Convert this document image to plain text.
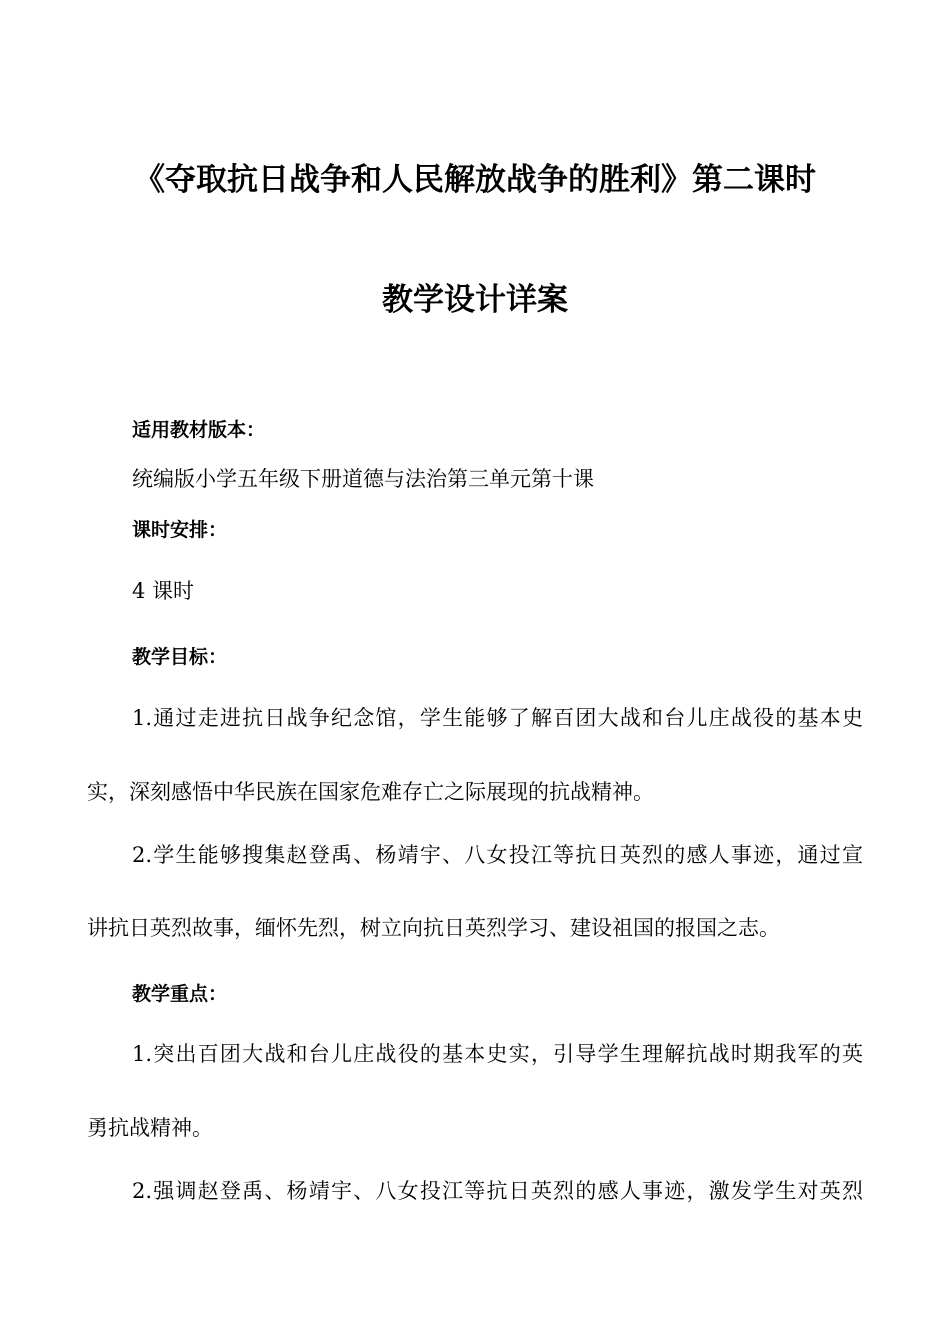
《夺取抗日战争和人民解放战争的胜利》第二课时
教学设计详案
适用教材版本：
统编版小学五年级下册道德与法治第三单元第十课
课时安排：
4 课时
教学目标：
1.通过走进抗日战争纪念馆，学生能够了解百团大战和台儿庄战役的基本史
实，深刻感悟中华民族在国家危难存亡之际展现的抗战精神。
2.学生能够搜集赵登禹、杨靖宇、八女投江等抗日英烈的感人事迹，通过宣
讲抗日英烈故事，缅怀先烈，树立向抗日英烈学习、建设祖国的报国之志。
教学重点：
1.突出百团大战和台儿庄战役的基本史实，引导学生理解抗战时期我军的英
勇抗战精神。
2.强调赵登禹、杨靖宇、八女投江等抗日英烈的感人事迹，激发学生对英烈
